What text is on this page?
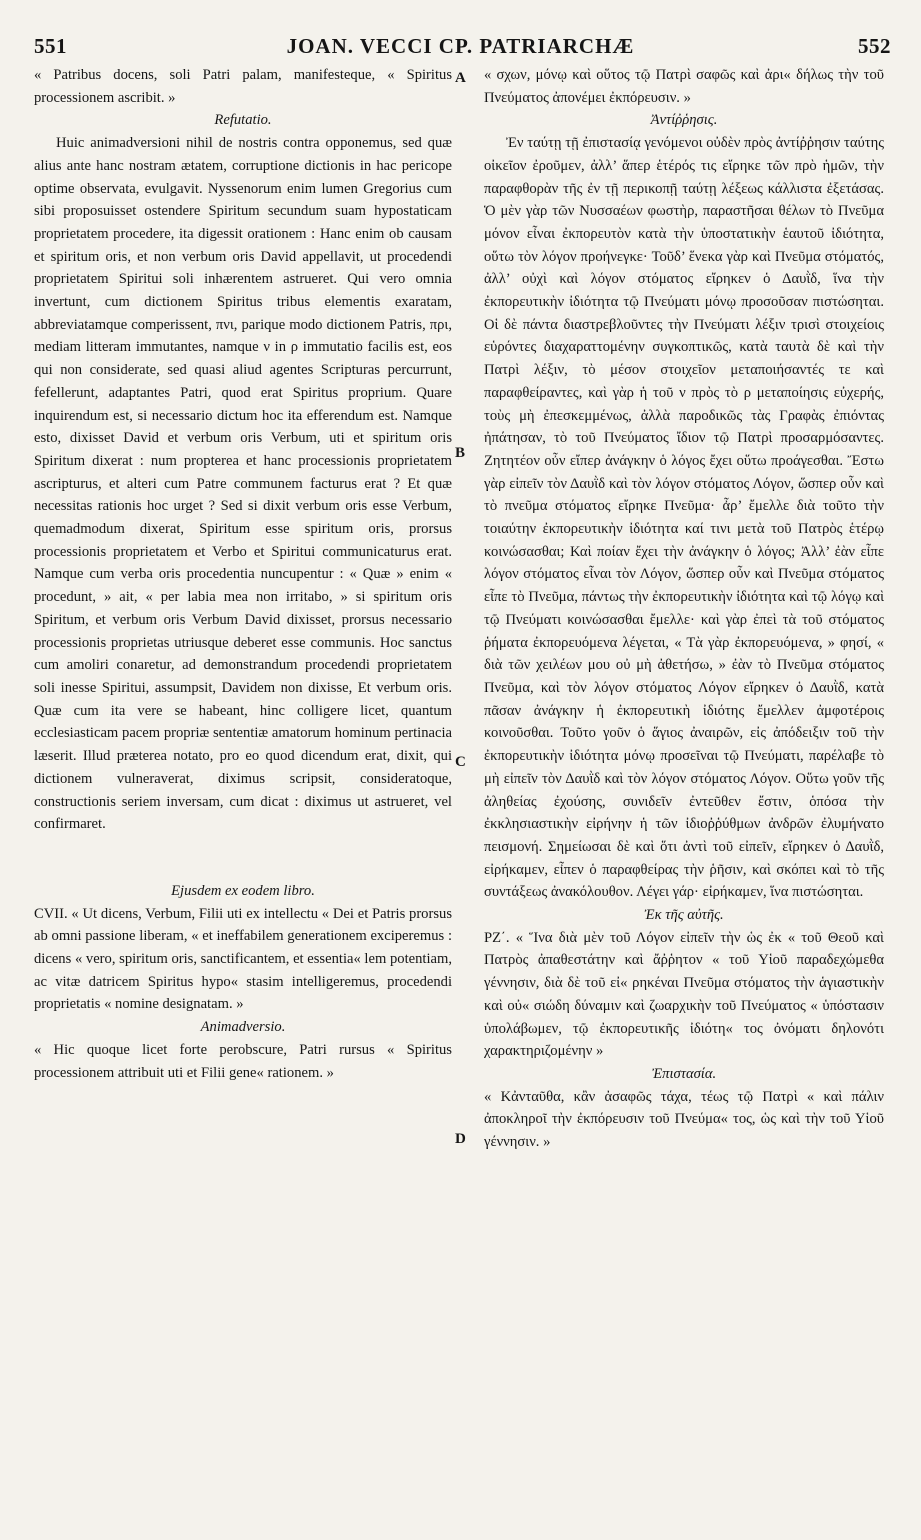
551	JOAN. VECCI CP. PATRIARCHÆ	552
A
B
C
D

« Patribus docens, soli Patri palam, manifesteque, « Spiritus processionem ascribit. »

Refutatio.

Huic animadversioni nihil de nostris contra opponemus, sed quæ alius ante hanc nostram ætatem, corruptione dictionis in hac pericope optime observata, evulgavit. Nyssenorum enim lumen Gregorius cum sibi proposuisset ostendere Spiritum secundum suam hypostaticam proprietatem procedere, ita digessit orationem : Hanc enim ob causam et spiritum oris, et non verbum oris David appellavit, ut procedendi proprietatem Spiritui soli inhærentem astrueret. Qui vero omnia invertunt, cum dictionem Spiritus tribus elementis exaratam, abbreviatamque comperissent, πνι, parique modo dictionem Patris, πρι, mediam litteram immutantes, namque ν in ρ immutatio facilis est, eos qui non considerate, sed quasi aliud agentes Scripturas percurrunt, fefellerunt, adaptantes Patri, quod erat Spiritus proprium. Quare inquirendum est, si necessario dictum hoc ita efferendum est. Namque esto, dixisset David et verbum oris Verbum, uti et spiritum oris Spiritum dixerat : num propterea et hanc processionis proprietatem ascripturus, et alteri cum Patre communem facturus erat ? Et quæ necessitas rationis hoc urget ? Sed si dixit verbum oris esse Verbum, quemadmodum dixerat, Spiritum esse spiritum oris, prorsus processionis proprietatem et Verbo et Spiritui communicaturus erat. Namque cum verba oris procedentia nuncupentur : « Quæ » enim « procedunt, » ait, « per labia mea non irritabo, » si spiritum oris Spiritum, et verbum oris Verbum David dixisset, prorsus necessario processionis proprietas utriusque deberet esse communis. Hoc sanctus cum amoliri conaretur, ad demonstrandum procedendi proprietatem soli inesse Spiritui, assumpsit, Davidem non dixisse, Et verbum oris. Quæ cum ita vere se habeant, hinc colligere licet, quantum ecclesiasticam pacem propriæ sententiæ amatorum hominum pertinacia læserit. Illud præterea notato, pro eo quod dicendum erat, dixit, qui dictionem vulneraverat, diximus scripsit, consideratoque, constructionis seriem inversam, cum dicat : diximus ut astrueret, vel confirmaret.

Ejusdem ex eodem libro.

CVII. « Ut dicens, Verbum, Filii uti ex intellectu « Dei et Patris prorsus ab omni passione liberam, « et ineffabilem generationem exciperemus : dicens « vero, spiritum oris, sanctificantem, et essentia« lem potentiam, ac vitæ datricem Spiritus hypo« stasim intelligeremus, procedendi proprietatis « nomine designatam. »

Animadversio.

« Hic quoque licet forte perobscure, Patri rursus « Spiritus processionem attribuit uti et Filii gene« rationem. »

« σχων, μόνῳ καὶ οὕτος τῷ Πατρὶ σαφῶς καὶ ἀρι« δήλως τὴν τοῦ Πνεύματος ἀπονέμει ἐκπόρευσιν. »

Ἀντίῤῥησις.

Ἐν ταύτῃ τῇ ἐπιστασίᾳ γενόμενοι οὐδὲν πρὸς ἀντίῤῥησιν ταύτης οἰκεῖον ἐροῦμεν, ἀλλ’ ἅπερ ἑτέρός τις εἴρηκε τῶν πρὸ ἡμῶν, τὴν παραφθορὰν τῆς ἐν τῇ περικοπῇ ταύτῃ λέξεως κάλλιστα ἐξετάσας. Ὁ μὲν γὰρ τῶν Νυσσαέων φωστὴρ, παραστῆσαι θέλων τὸ Πνεῦμα μόνον εἶναι ἐκπορευτὸν κατὰ τὴν ὑποστατικὴν ἑαυτοῦ ἰδιότητα, οὕτω τὸν λόγον προήνεγκε· Τοῦδ’ ἕνεκα γὰρ καὶ Πνεῦμα στόματός, ἀλλ’ οὐχὶ καὶ λόγον στόματος εἴρηκεν ὁ Δαυῒδ, ἵνα τὴν ἐκπορευτικὴν ἰδιότητα τῷ Πνεύματι μόνῳ προσοῦσαν πιστώσηται. Οἱ δὲ πάντα διαστρεβλοῦντες τὴν Πνεύματι λέξιν τρισὶ στοιχείοις εὑρόντες διαχαραττομένην συγκοπτικῶς, κατὰ ταυτὰ δὲ καὶ τὴν Πατρὶ λέξιν, τὸ μέσον στοιχεῖον μεταποιήσαντές τε καὶ παραφθείραντες, καὶ γὰρ ἡ τοῦ ν πρὸς τὸ ρ μεταποίησις εὐχερής, τοὺς μὴ ἐπεσκεμμένως, ἀλλὰ παροδικῶς τὰς Γραφὰς ἐπιόντας ἠπάτησαν, τὸ τοῦ Πνεύματος ἴδιον τῷ Πατρὶ προσαρμόσαντες. Ζητητέον οὖν εἴπερ ἀνάγκην ὁ λόγος ἔχει οὕτω προάγεσθαι. Ἔστω γὰρ εἰπεῖν τὸν Δαυῒδ καὶ τὸν λόγον στόματος Λόγον, ὥσπερ οὖν καὶ τὸ πνεῦμα στόματος εἴρηκε Πνεῦμα· ἆρ’ ἔμελλε διὰ τοῦτο τὴν τοιαύτην ἐκπορευτικὴν ἰδιότητα καί τινι μετὰ τοῦ Πατρὸς ἑτέρῳ κοινώσασθαι; Καὶ ποίαν ἔχει τὴν ἀνάγκην ὁ λόγος; Ἀλλ’ ἐὰν εἶπε λόγον στόματος εἶναι τὸν Λόγον, ὥσπερ οὖν καὶ Πνεῦμα στόματος εἶπε τὸ Πνεῦμα, πάντως τὴν ἐκπορευτικὴν ἰδιότητα καὶ τῷ λόγῳ καὶ τῷ Πνεύματι κοινώσασθαι ἔμελλε· καὶ γὰρ ἐπεὶ τὰ τοῦ στόματος ῥήματα ἐκπορευόμενα λέγεται, « Τὰ γὰρ ἐκπορευόμενα, » φησί, « διὰ τῶν χειλέων μου οὐ μὴ ἀθετήσω, » ἐὰν τὸ Πνεῦμα στόματος Πνεῦμα, καὶ τὸν λόγον στόματος Λόγον εἴρηκεν ὁ Δαυῒδ, κατὰ πᾶσαν ἀνάγκην ἡ ἐκπορευτικὴ ἰδιότης ἔμελλεν ἀμφοτέροις κοινοῦσθαι. Τοῦτο γοῦν ὁ ἅγιος ἀναιρῶν, εἰς ἀπόδειξιν τοῦ τὴν ἐκπορευτικὴν ἰδιότητα μόνῳ προσεῖναι τῷ Πνεύματι, παρέλαβε τὸ μὴ εἰπεῖν τὸν Δαυῒδ καὶ τὸν λόγον στόματος Λόγον. Οὕτω γοῦν τῆς ἀληθείας ἐχούσης, συνιδεῖν ἐντεῦθεν ἔστιν, ὁπόσα τὴν ἐκκλησιαστικὴν εἰρήνην ἡ τῶν ἰδιοῤῥύθμων ἀνδρῶν ἐλυμήνατο πεισμονή. Σημείωσαι δὲ καὶ ὅτι ἀντὶ τοῦ εἰπεῖν, εἴρηκεν ὁ Δαυῒδ, εἰρήκαμεν, εἶπεν ὁ παραφθείρας τὴν ῥῆσιν, καὶ σκόπει καὶ τὸ τῆς συντάξεως ἀνακόλουθον. Λέγει γάρ· εἰρήκαμεν, ἵνα πιστώσηται.

Ἐκ τῆς αὐτῆς.

ΡΖ΄. « Ἵνα διὰ μὲν τοῦ Λόγον εἰπεῖν τὴν ὡς ἐκ « τοῦ Θεοῦ καὶ Πατρὸς ἀπαθεστάτην καὶ ἄῤῥητον « τοῦ Υἱοῦ παραδεχώμεθα γέννησιν, διὰ δὲ τοῦ εἰ« ρηκέναι Πνεῦμα στόματος τὴν ἁγιαστικὴν καὶ οὐ« σιώδη δύναμιν καὶ ζωαρχικὴν τοῦ Πνεύματος « ὑπόστασιν ὑπολάβωμεν, τῷ ἐκπορευτικῆς ἰδιότη« τος ὀνόματι δηλονότι χαρακτηριζομένην »

Ἐπιστασία.

« Κἀνταῦθα, κἂν ἀσαφῶς τάχα, τέως τῷ Πατρὶ « καὶ πάλιν ἀποκληροῖ τὴν ἐκπόρευσιν τοῦ Πνεύμα« τος, ὡς καὶ τὴν τοῦ Υἱοῦ γέννησιν. »
